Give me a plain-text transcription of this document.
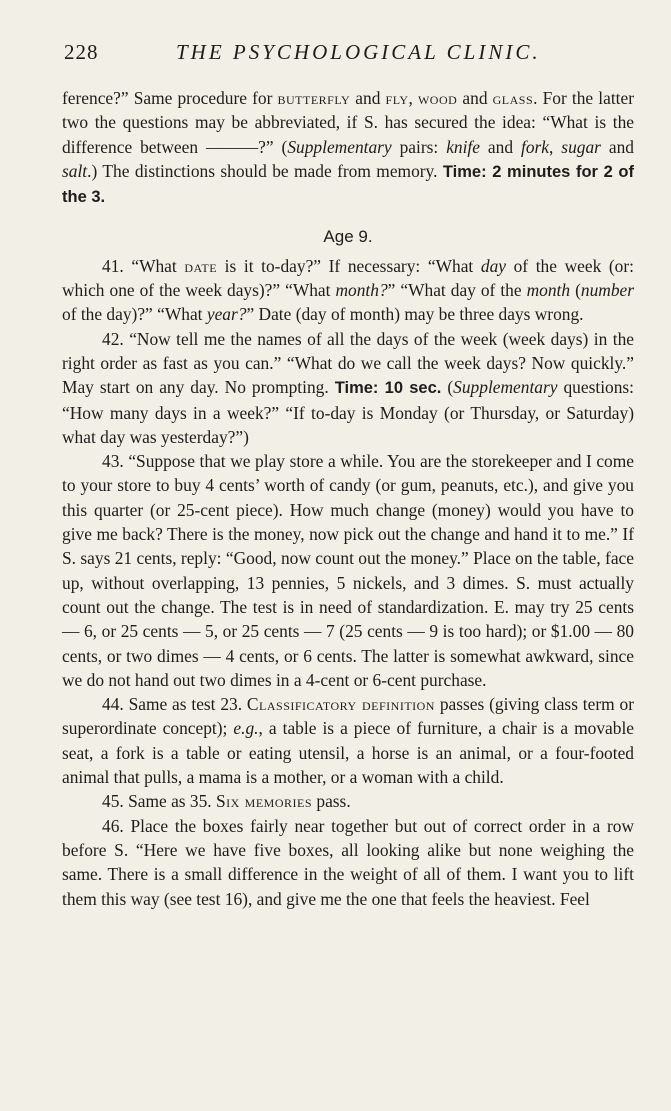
228	THE PSYCHOLOGICAL CLINIC.

ference?” Same procedure for butterfly and fly, wood and glass. For the latter two the questions may be abbreviated, if S. has secured the idea: “What is the difference between ———?” (Supplementary pairs: knife and fork, sugar and salt.) The distinctions should be made from memory. Time: 2 minutes for 2 of the 3.

Age 9.

41. “What date is it to-day?” If necessary: “What day of the week (or: which one of the week days)?” “What month?” “What day of the month (number of the day)?” “What year?” Date (day of month) may be three days wrong.

42. “Now tell me the names of all the days of the week (week days) in the right order as fast as you can.” “What do we call the week days? Now quickly.” May start on any day. No prompting. Time: 10 sec. (Supplementary questions: “How many days in a week?” “If to-day is Monday (or Thursday, or Saturday) what day was yesterday?”)

43. “Suppose that we play store a while. You are the storekeeper and I come to your store to buy 4 cents’ worth of candy (or gum, peanuts, etc.), and give you this quarter (or 25-cent piece). How much change (money) would you have to give me back? There is the money, now pick out the change and hand it to me.” If S. says 21 cents, reply: “Good, now count out the money.” Place on the table, face up, without overlapping, 13 pennies, 5 nickels, and 3 dimes. S. must actually count out the change. The test is in need of standardization. E. may try 25 cents — 6, or 25 cents — 5, or 25 cents — 7 (25 cents — 9 is too hard); or $1.00 — 80 cents, or two dimes — 4 cents, or 6 cents. The latter is somewhat awkward, since we do not hand out two dimes in a 4-cent or 6-cent purchase.

44. Same as test 23. Classificatory definition passes (giving class term or superordinate concept); e.g., a table is a piece of furniture, a chair is a movable seat, a fork is a table or eating utensil, a horse is an animal, or a four-footed animal that pulls, a mama is a mother, or a woman with a child.

45. Same as 35. Six memories pass.

46. Place the boxes fairly near together but out of correct order in a row before S. “Here we have five boxes, all looking alike but none weighing the same. There is a small difference in the weight of all of them. I want you to lift them this way (see test 16), and give me the one that feels the heaviest. Feel
